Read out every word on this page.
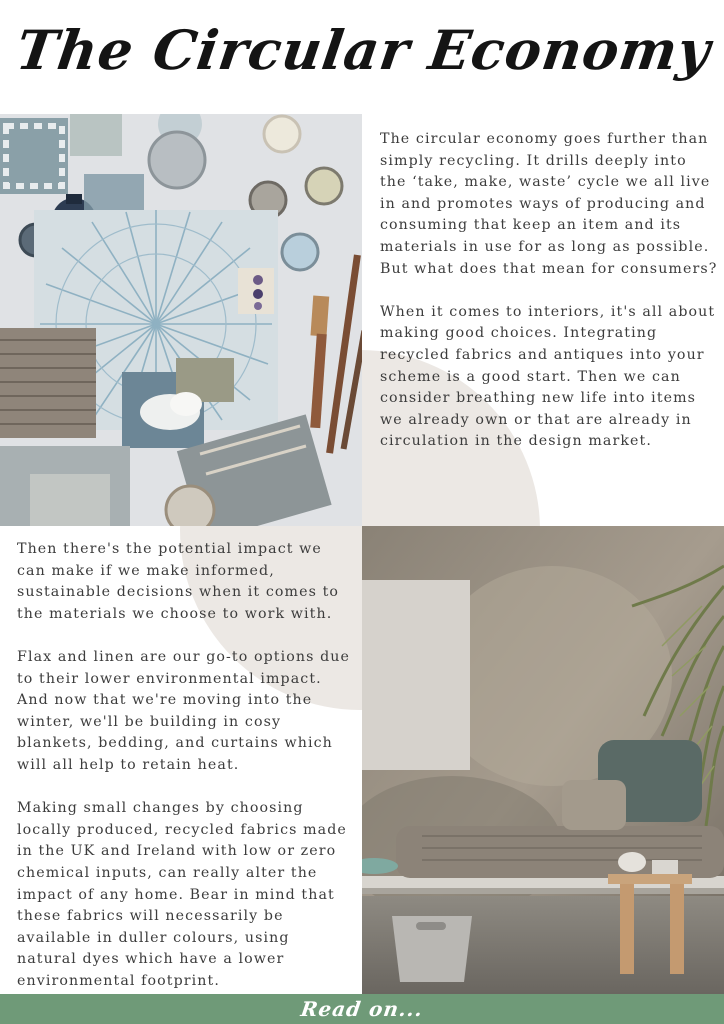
The Circular Economy

The circular economy goes further than simply recycling. It drills deeply into the ‘take, make, waste’ cycle we all live in and promotes ways of producing and consuming that keep an item and its materials in use for as long as possible. But what does that mean for consumers?

When it comes to interiors, it's all about making good choices. Integrating recycled fabrics and antiques into your scheme is a good start. Then we can consider breathing new life into items we already own or that are already in circulation in the design market.

Then there's the potential impact we can make if we make informed, sustainable decisions when it comes to the materials we choose to work with.

Flax and linen are our go-to options due to their lower environmental impact. And now that we're moving into the winter, we'll be building in cosy blankets, bedding, and curtains which will all help to retain heat.

Making small changes by choosing locally produced, recycled fabrics made in the UK and Ireland with low or zero chemical inputs, can really alter the impact of any home. Bear in mind that these fabrics will necessarily be available in duller colours, using natural dyes which have a lower environmental footprint.

Read on...
